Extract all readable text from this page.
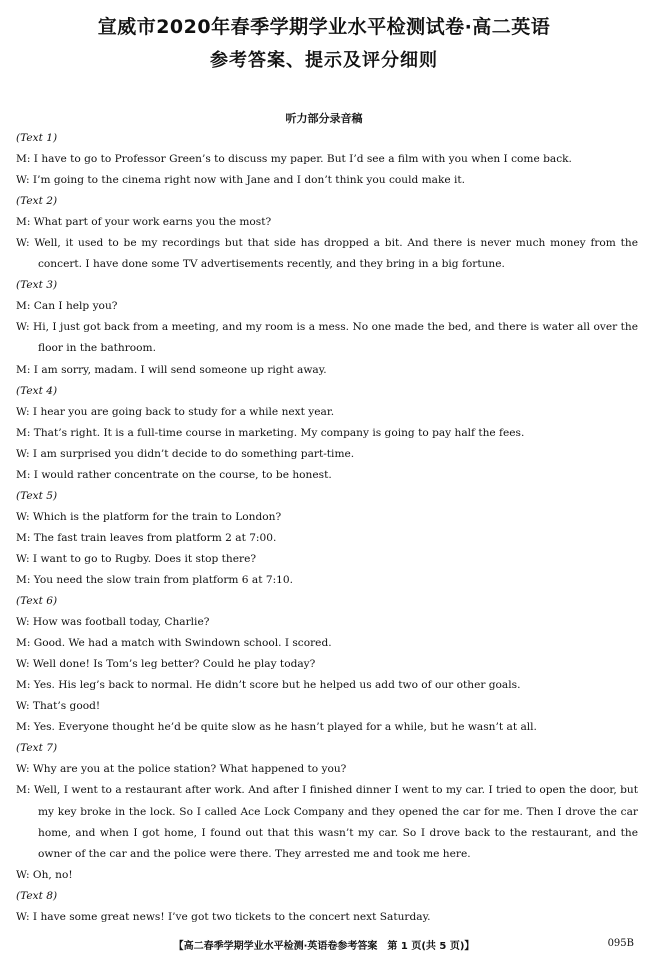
宣威市2020年春季学期学业水平检测试卷·高二英语
参考答案、提示及评分细则
听力部分录音稿
(Text 1)
M: I have to go to Professor Green’s to discuss my paper. But I’d see a film with you when I come back.
W: I’m going to the cinema right now with Jane and I don’t think you could make it.
(Text 2)
M: What part of your work earns you the most?
W: Well, it used to be my recordings but that side has dropped a bit. And there is never much money from the concert. I have done some TV advertisements recently, and they bring in a big fortune.
(Text 3)
M: Can I help you?
W: Hi, I just got back from a meeting, and my room is a mess. No one made the bed, and there is water all over the floor in the bathroom.
M: I am sorry, madam. I will send someone up right away.
(Text 4)
W: I hear you are going back to study for a while next year.
M: That’s right. It is a full-time course in marketing. My company is going to pay half the fees.
W: I am surprised you didn’t decide to do something part-time.
M: I would rather concentrate on the course, to be honest.
(Text 5)
W: Which is the platform for the train to London?
M: The fast train leaves from platform 2 at 7:00.
W: I want to go to Rugby. Does it stop there?
M: You need the slow train from platform 6 at 7:10.
(Text 6)
W: How was football today, Charlie?
M: Good. We had a match with Swindown school. I scored.
W: Well done! Is Tom’s leg better? Could he play today?
M: Yes. His leg’s back to normal. He didn’t score but he helped us add two of our other goals.
W: That’s good!
M: Yes. Everyone thought he’d be quite slow as he hasn’t played for a while, but he wasn’t at all.
(Text 7)
W: Why are you at the police station? What happened to you?
M: Well, I went to a restaurant after work. And after I finished dinner I went to my car. I tried to open the door, but my key broke in the lock. So I called Ace Lock Company and they opened the car for me. Then I drove the car home, and when I got home, I found out that this wasn’t my car. So I drove back to the restaurant, and the owner of the car and the police were there. They arrested me and took me here.
W: Oh, no!
(Text 8)
W: I have some great news! I’ve got two tickets to the concert next Saturday.
【高二春季学期学业水平检测·英语卷参考答案　第 1 页(共 5 页)】	095B
